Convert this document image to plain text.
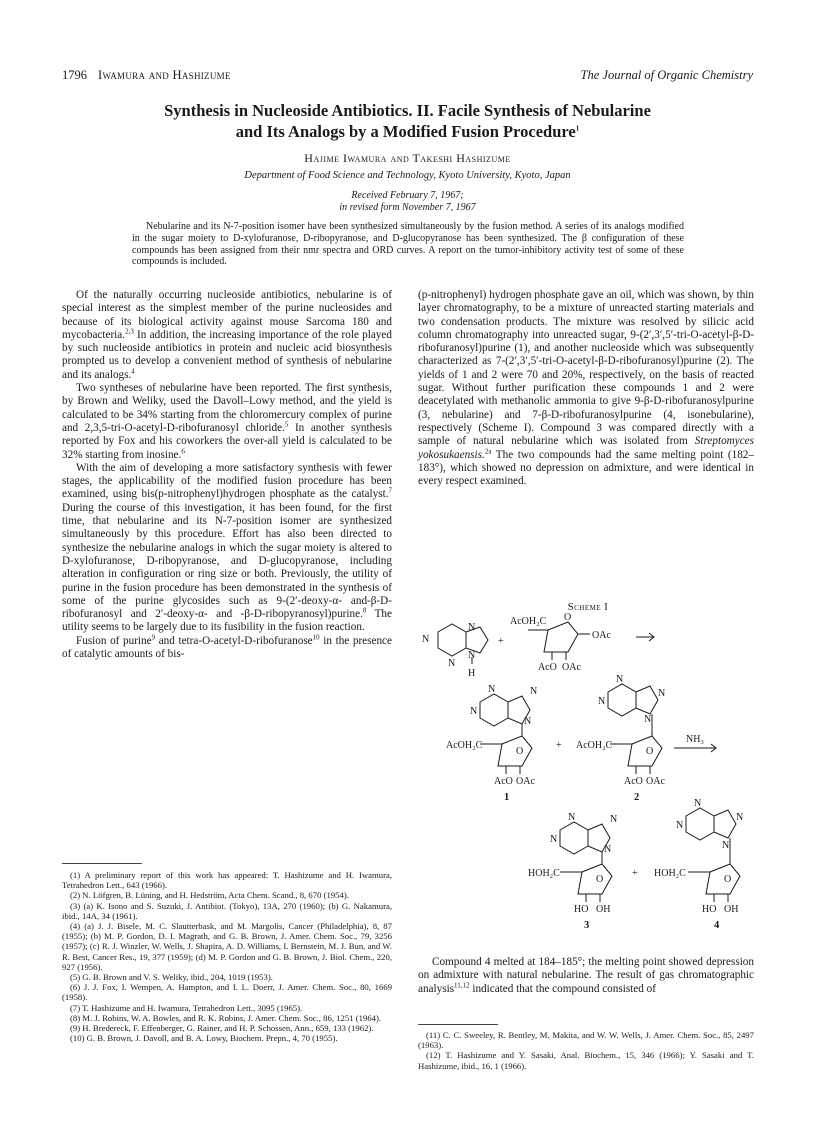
1796 Iwamura and Hashizume	The Journal of Organic Chemistry
Synthesis in Nucleoside Antibiotics. II. Facile Synthesis of Nebularine
and Its Analogs by a Modified Fusion Procedure$^1$
Hajime Iwamura and Takeshi Hashizume
Department of Food Science and Technology, Kyoto University, Kyoto, Japan
Received February 7, 1967;
in revised form November 7, 1967
Nebularine and its N-7-position isomer have been synthesized simultaneously by the fusion method. A series of its analogs modified in the sugar moiety to D-xylofuranose, D-ribopyranose, and D-glucopyranose has been synthesized. The β configuration of these compounds has been assigned from their nmr spectra and ORD curves. A report on the tumor-inhibitory activity test of some of these compounds is included.

Of the naturally occurring nucleoside antibiotics, nebularine is of special interest as the simplest member of the purine nucleosides and because of its biological activity against mouse Sarcoma 180 and mycobacteria.$^{2,3}$ In addition, the increasing importance of the role played by such nucleoside antibiotics in protein and nucleic acid biosynthesis prompted us to develop a convenient method of synthesis of nebularine and its analogs.$^4$

Two syntheses of nebularine have been reported. The first synthesis, by Brown and Weliky, used the Davoll–Lowy method, and the yield is calculated to be 34% starting from the chloromercury complex of purine and 2,3,5-tri-O-acetyl-D-ribofuranosyl chloride.$^5$ In another synthesis reported by Fox and his coworkers the over-all yield is calculated to be 32% starting from inosine.$^6$

With the aim of developing a more satisfactory synthesis with fewer stages, the applicability of the modified fusion procedure has been examined, using bis(p-nitrophenyl)hydrogen phosphate as the catalyst.$^7$ During the course of this investigation, it has been found, for the first time, that nebularine and its N-7-position isomer are synthesized simultaneously by this procedure. Effort has also been directed to synthesize the nebularine analogs in which the sugar moiety is altered to D-xylofuranose, D-ribopyranose, and D-glucopyranose, including alteration in configuration or ring size or both. Previously, the utility of purine in the fusion procedure has been demonstrated in the synthesis of some of the purine glycosides such as 9-(2′-deoxy-α- and-β-D-ribofuranosyl and 2′-deoxy-α- and -β-D-ribopyranosyl)purine.$^8$ The utility seems to be largely due to its fusibility in the fusion reaction.

Fusion of purine$^9$ and tetra-O-acetyl-D-ribofuranose$^{10}$ in the presence of catalytic amounts of bis-

(1) A preliminary report of this work has appeared: T. Hashizume and H. Iwamura, Tetrahedron Lett., 643 (1966).

(2) N. Löfgren, B. Lüning, and H. Hedström, Acta Chem. Scand., 8, 670 (1954).

(3) (a) K. Isono and S. Suzuki, J. Antibiot. (Tokyo), 13A, 270 (1960); (b) G. Nakamura, ibid., 14A, 34 (1961).

(4) (a) J. J. Bisele, M. C. Slautterbask, and M. Margolis, Cancer (Philadelphia), 8, 87 (1955); (b) M. P. Gordon, D. I. Magrath, and G. B. Brown, J. Amer. Chem. Soc., 79, 3256 (1957); (c) R. J. Winzler, W. Wells, J. Shapira, A. D. Williams, I. Bernstein, M. J. Bun, and W. R. Best, Cancer Res., 19, 377 (1959); (d) M. P. Gordon and G. B. Brown, J. Biol. Chem., 220, 927 (1956).

(5) G. B. Brown and V. S. Weliky, ibid., 204, 1019 (1953).

(6) J. J. Fox, I. Wempen, A. Hampton, and I. L. Doerr, J. Amer. Chem. Soc., 80, 1669 (1958).

(7) T. Hashizume and H. Iwamura, Tetrahedron Lett., 3095 (1965).

(8) M. J. Robins, W. A. Bowles, and R. K. Robins, J. Amer. Chem. Soc., 86, 1251 (1964).

(9) H. Bredereck, F. Effenberger, G. Rainer, and H. P. Schossen, Ann., 659, 133 (1962).

(10) G. B. Brown, J. Davoll, and B. A. Lowy, Biochem. Prepn., 4, 70 (1955).

(p-nitrophenyl) hydrogen phosphate gave an oil, which was shown, by thin layer chromatography, to be a mixture of unreacted starting materials and two condensation products. The mixture was resolved by silicic acid column chromatography into unreacted sugar, 9-(2′,3′,5′-tri-O-acetyl-β-D-ribofuranosyl)purine (1), and another nucleoside which was subsequently characterized as 7-(2′,3′,5′-tri-O-acetyl-β-D-ribofuranosyl)purine (2). The yields of 1 and 2 were 70 and 20%, respectively, on the basis of reacted sugar. Without further purification these compounds 1 and 2 were deacetylated with methanolic ammonia to give 9-β-D-ribofuranosylpurine (3, nebularine) and 7-β-D-ribofuranosylpurine (4, isonebularine), respectively (Scheme I). Compound 3 was compared directly with a sample of natural nebularine which was isolated from Streptomyces yokosukaensis.$^{2a}$ The two compounds had the same melting point (182–183°), which showed no depression on admixture, and were identical in every respect examined.

Scheme I
N
N
N
N
H
+
AcOH₂C O
OAc
AcO OAc
N	N
N
N
AcOH₂C
O
AcO OAc
1
+
N
N
N
N
AcOH₂C
O
AcO OAc
2
NH₃
N	N
N
N
HOH₂C
O
HO OH
3
+
N
N
N
N
HOH₂C
O
HO OH
4

Compound 4 melted at 184–185°; the melting point showed depression on admixture with natural nebularine. The result of gas chromatographic analysis$^{11,12}$ indicated that the compound consisted of

(11) C. C. Sweeley, R. Bentley, M. Makita, and W. W. Wells, J. Amer. Chem. Soc., 85, 2497 (1963).

(12) T. Hashizume and Y. Sasaki, Anal. Biochem., 15, 346 (1966); Y. Sasaki and T. Hashizume, ibid., 16, 1 (1966).
